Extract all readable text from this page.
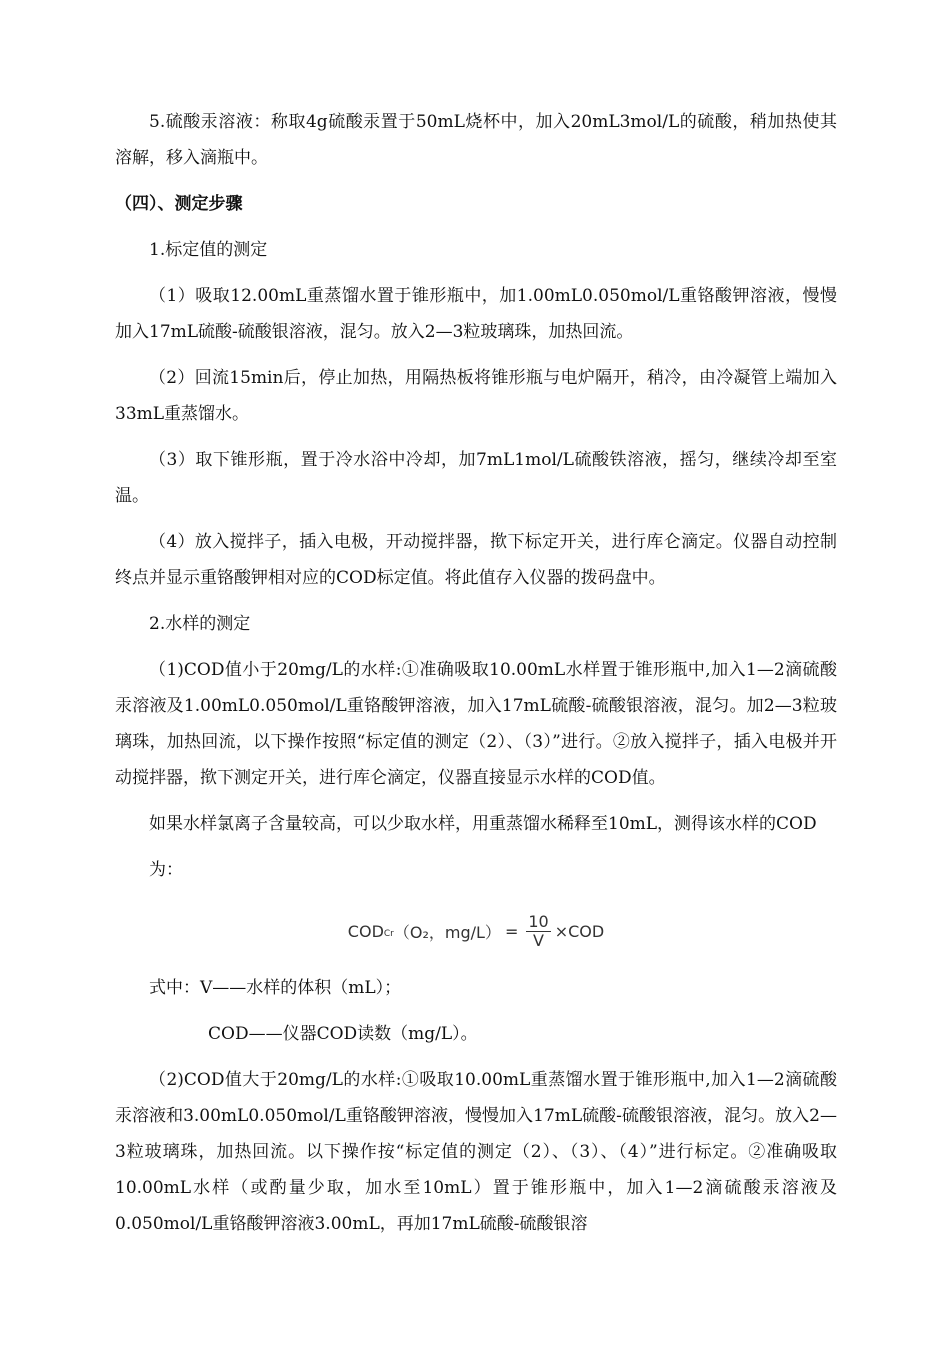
5.硫酸汞溶液：称取4g硫酸汞置于50mL烧杯中，加入20mL3mol/L的硫酸，稍加热使其溶解，移入滴瓶中。

（四）、测定步骤

1.标定值的测定

（1）吸取12.00mL重蒸馏水置于锥形瓶中，加1.00mL0.050mol/L重铬酸钾溶液，慢慢加入17mL硫酸-硫酸银溶液，混匀。放入2—3粒玻璃珠，加热回流。

（2）回流15min后，停止加热，用隔热板将锥形瓶与电炉隔开，稍冷，由冷凝管上端加入33mL重蒸馏水。

（3）取下锥形瓶，置于冷水浴中冷却，加7mL1mol/L硫酸铁溶液，摇匀，继续冷却至室温。

（4）放入搅拌子，插入电极，开动搅拌器，揿下标定开关，进行库仑滴定。仪器自动控制终点并显示重铬酸钾相对应的COD标定值。将此值存入仪器的拨码盘中。

2.水样的测定

（1)COD值小于20mg/L的水样:①准确吸取10.00mL水样置于锥形瓶中,加入1—2滴硫酸汞溶液及1.00mL0.050mol/L重铬酸钾溶液，加入17mL硫酸-硫酸银溶液，混匀。加2—3粒玻璃珠，加热回流，以下操作按照“标定值的测定（2）、（3）”进行。②放入搅拌子，插入电极并开动搅拌器，揿下测定开关，进行库仑滴定，仪器直接显示水样的COD值。

如果水样氯离子含量较高，可以少取水样，用重蒸馏水稀释至10mL，测得该水样的COD

为：

$COD_{Cr}$ （O₂，$mg/L) = \frac{10}{V}$ × COD

式中：V——水样的体积（mL）；

COD——仪器COD读数（mg/L）。

（2)COD值大于20mg/L的水样:①吸取10.00mL重蒸馏水置于锥形瓶中,加入1—2滴硫酸汞溶液和3.00mL0.050mol/L重铬酸钾溶液，慢慢加入17mL硫酸-硫酸银溶液，混匀。放入2—3粒玻璃珠，加热回流。以下操作按“标定值的测定（2）、（3）、（4）”进行标定。②准确吸取10.00mL水样（或酌量少取，加水至10mL）置于锥形瓶中，加入1—2滴硫酸汞溶液及0.050mol/L重铬酸钾溶液3.00mL，再加17mL硫酸-硫酸银溶
